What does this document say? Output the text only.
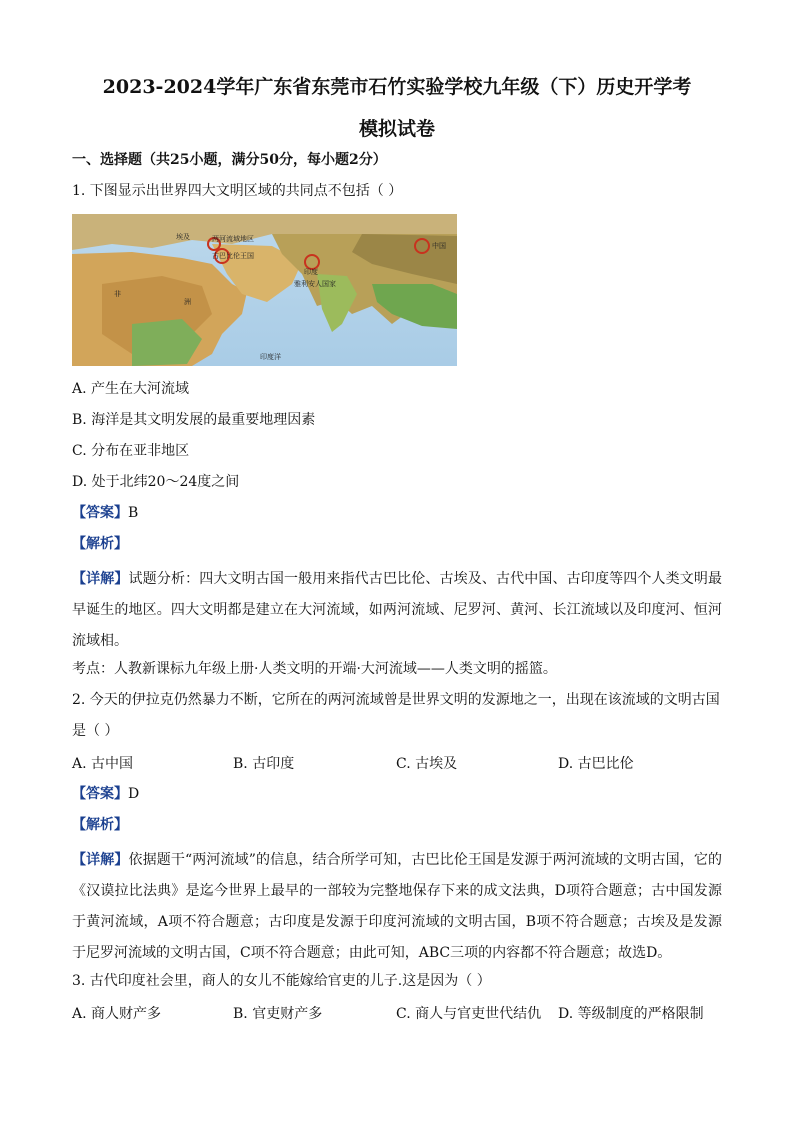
2023-2024学年广东省东莞市石竹实验学校九年级（下）历史开学考
模拟试卷
一、选择题（共25小题，满分50分，每小题2分）
1. 下图显示出世界四大文明区域的共同点不包括（ ）
埃及	两河流域地区
古巴比伦王国
印度
雅利安人国家
中国
非
洲
印度洋
A. 产生在大河流域
B. 海洋是其文明发展的最重要地理因素
C. 分布在亚非地区
D. 处于北纬20～24度之间
【答案】B
【解析】
【详解】试题分析：四大文明古国一般用来指代古巴比伦、古埃及、古代中国、古印度等四个人类文明最早诞生的地区。四大文明都是建立在大河流域，如两河流域、尼罗河、黄河、长江流域以及印度河、恒河流域相。
考点：人教新课标九年级上册·人类文明的开端·大河流域——人类文明的摇篮。
2. 今天的伊拉克仍然暴力不断，它所在的两河流域曾是世界文明的发源地之一，出现在该流域的文明古国
是（ ）
A. 古中国	B. 古印度	C. 古埃及	D. 古巴比伦
【答案】D
【解析】
【详解】依据题干“两河流域”的信息，结合所学可知，古巴比伦王国是发源于两河流域的文明古国，它的《汉谟拉比法典》是迄今世界上最早的一部较为完整地保存下来的成文法典，D项符合题意；古中国发源于黄河流域，A项不符合题意；古印度是发源于印度河流域的文明古国，B项不符合题意；古埃及是发源于尼罗河流域的文明古国，C项不符合题意；由此可知，ABC三项的内容都不符合题意；故选D。
3. 古代印度社会里，商人的女儿不能嫁给官吏的儿子.这是因为（ ）
A. 商人财产多	B. 官吏财产多	C. 商人与官吏世代结仇 D. 等级制度的严格限制
